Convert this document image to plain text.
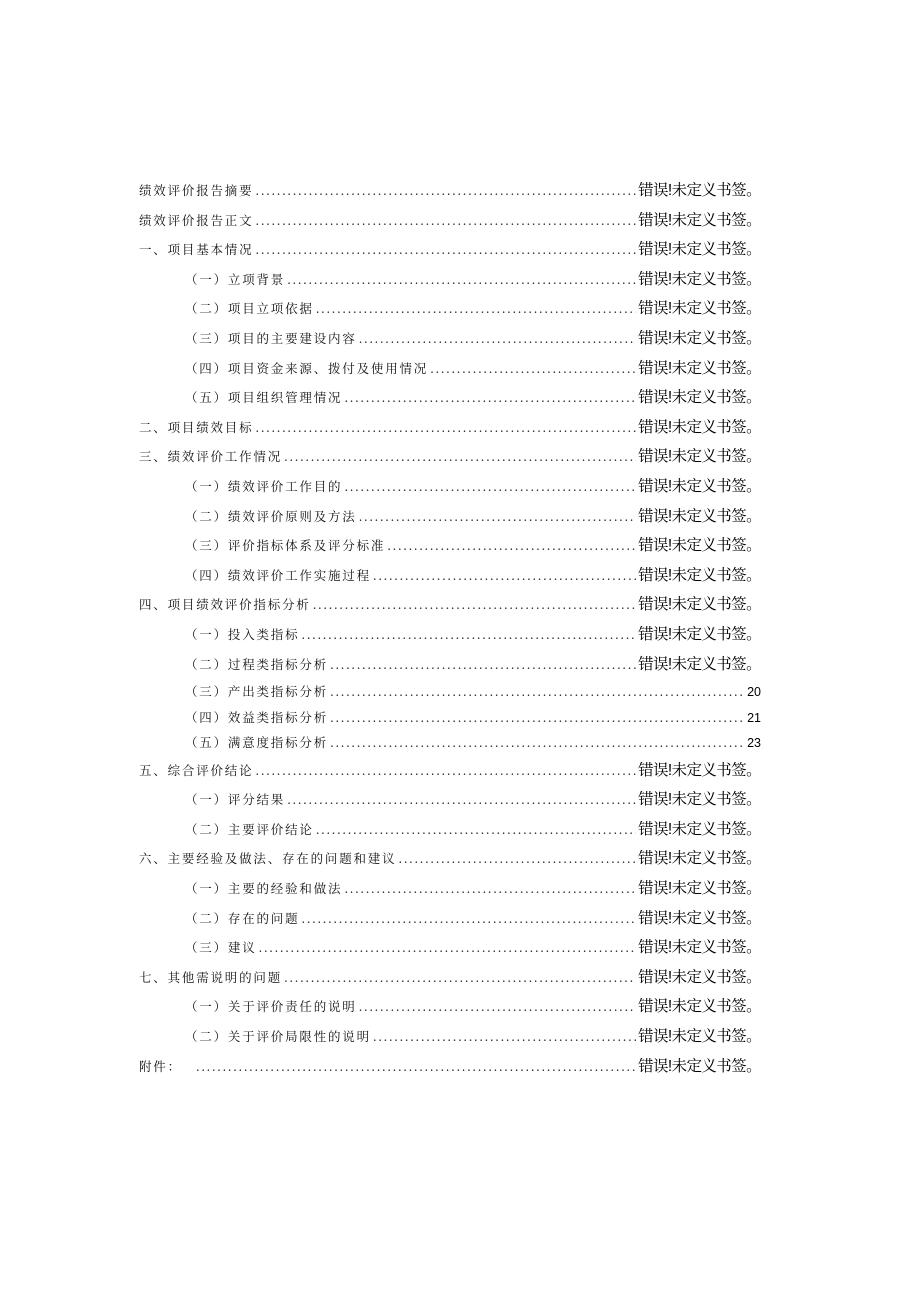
绩效评价报告摘要 .....	错误!未定义书签。
绩效评价报告正文 .....	错误!未定义书签。
一、项目基本情况 .....	错误!未定义书签。
（一）立项背景 .....	错误!未定义书签。
（二）项目立项依据 .....	错误!未定义书签。
（三）项目的主要建设内容 .....	错误!未定义书签。
（四）项目资金来源、拨付及使用情况 .....	错误!未定义书签。
（五）项目组织管理情况 .....	错误!未定义书签。
二、项目绩效目标 .....	错误!未定义书签。
三、绩效评价工作情况 .....	错误!未定义书签。
（一）绩效评价工作目的 .....	错误!未定义书签。
（二）绩效评价原则及方法 .....	错误!未定义书签。
（三）评价指标体系及评分标准 .....	错误!未定义书签。
（四）绩效评价工作实施过程 .....	错误!未定义书签。
四、项目绩效评价指标分析 .....	错误!未定义书签。
（一）投入类指标 .....	错误!未定义书签。
（二）过程类指标分析 .....	错误!未定义书签。
（三）产出类指标分析 .....	20
（四）效益类指标分析 .....	21
（五）满意度指标分析 .....	23
五、综合评价结论 .....	错误!未定义书签。
（一）评分结果 .....	错误!未定义书签。
（二）主要评价结论 .....	错误!未定义书签。
六、主要经验及做法、存在的问题和建议 .....	错误!未定义书签。
（一）主要的经验和做法 .....	错误!未定义书签。
（二）存在的问题 .....	错误!未定义书签。
（三）建议 .....	错误!未定义书签。
七、其他需说明的问题 .....	错误!未定义书签。
（一）关于评价责任的说明 .....	错误!未定义书签。
（二）关于评价局限性的说明 .....	错误!未定义书签。
附件： .....	错误!未定义书签。
